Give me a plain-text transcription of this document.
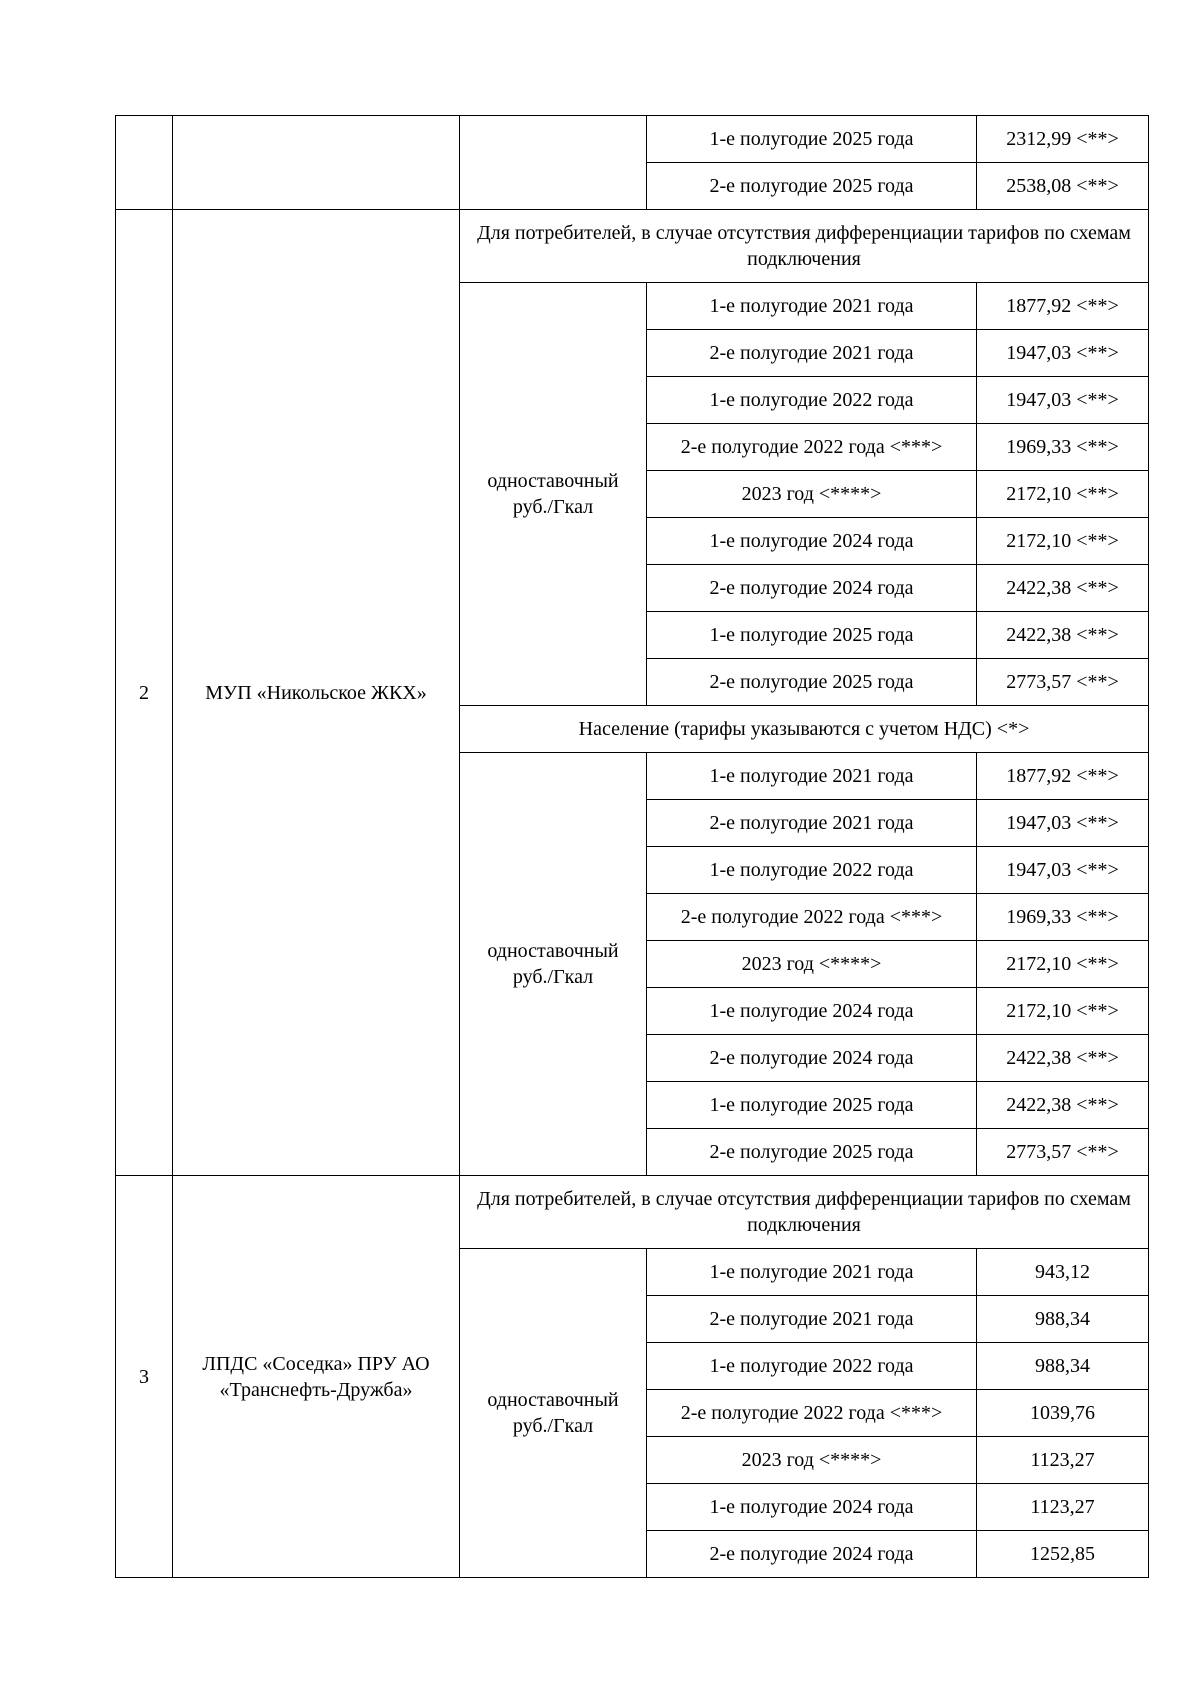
			1-е полугодие 2025 года	2312,99 <**>
			2-е полугодие 2025 года	2538,08 <**>
2	МУП «Никольское ЖКХ»	Для потребителей, в случае отсутствия дифференциации тарифов по схемам подключения		
		одноставочный руб./Гкал	1-е полугодие 2021 года	1877,92 <**>
			2-е полугодие 2021 года	1947,03 <**>
			1-е полугодие 2022 года	1947,03 <**>
			2-е полугодие 2022 года <***>	1969,33 <**>
			2023 год <****>	2172,10 <**>
			1-е полугодие 2024 года	2172,10 <**>
			2-е полугодие 2024 года	2422,38 <**>
			1-е полугодие 2025 года	2422,38 <**>
			2-е полугодие 2025 года	2773,57 <**>
		Население (тарифы указываются с учетом НДС) <*>		
		одноставочный руб./Гкал	1-е полугодие 2021 года	1877,92 <**>
			2-е полугодие 2021 года	1947,03 <**>
			1-е полугодие 2022 года	1947,03 <**>
			2-е полугодие 2022 года <***>	1969,33 <**>
			2023 год <****>	2172,10 <**>
			1-е полугодие 2024 года	2172,10 <**>
			2-е полугодие 2024 года	2422,38 <**>
			1-е полугодие 2025 года	2422,38 <**>
			2-е полугодие 2025 года	2773,57 <**>
3	ЛПДС «Соседка» ПРУ АО «Транснефть-Дружба»	Для потребителей, в случае отсутствия дифференциации тарифов по схемам подключения		
		одноставочный руб./Гкал	1-е полугодие 2021 года	943,12
			2-е полугодие 2021 года	988,34
			1-е полугодие 2022 года	988,34
			2-е полугодие 2022 года <***>	1039,76
			2023 год <****>	1123,27
			1-е полугодие 2024 года	1123,27
			2-е полугодие 2024 года	1252,85
